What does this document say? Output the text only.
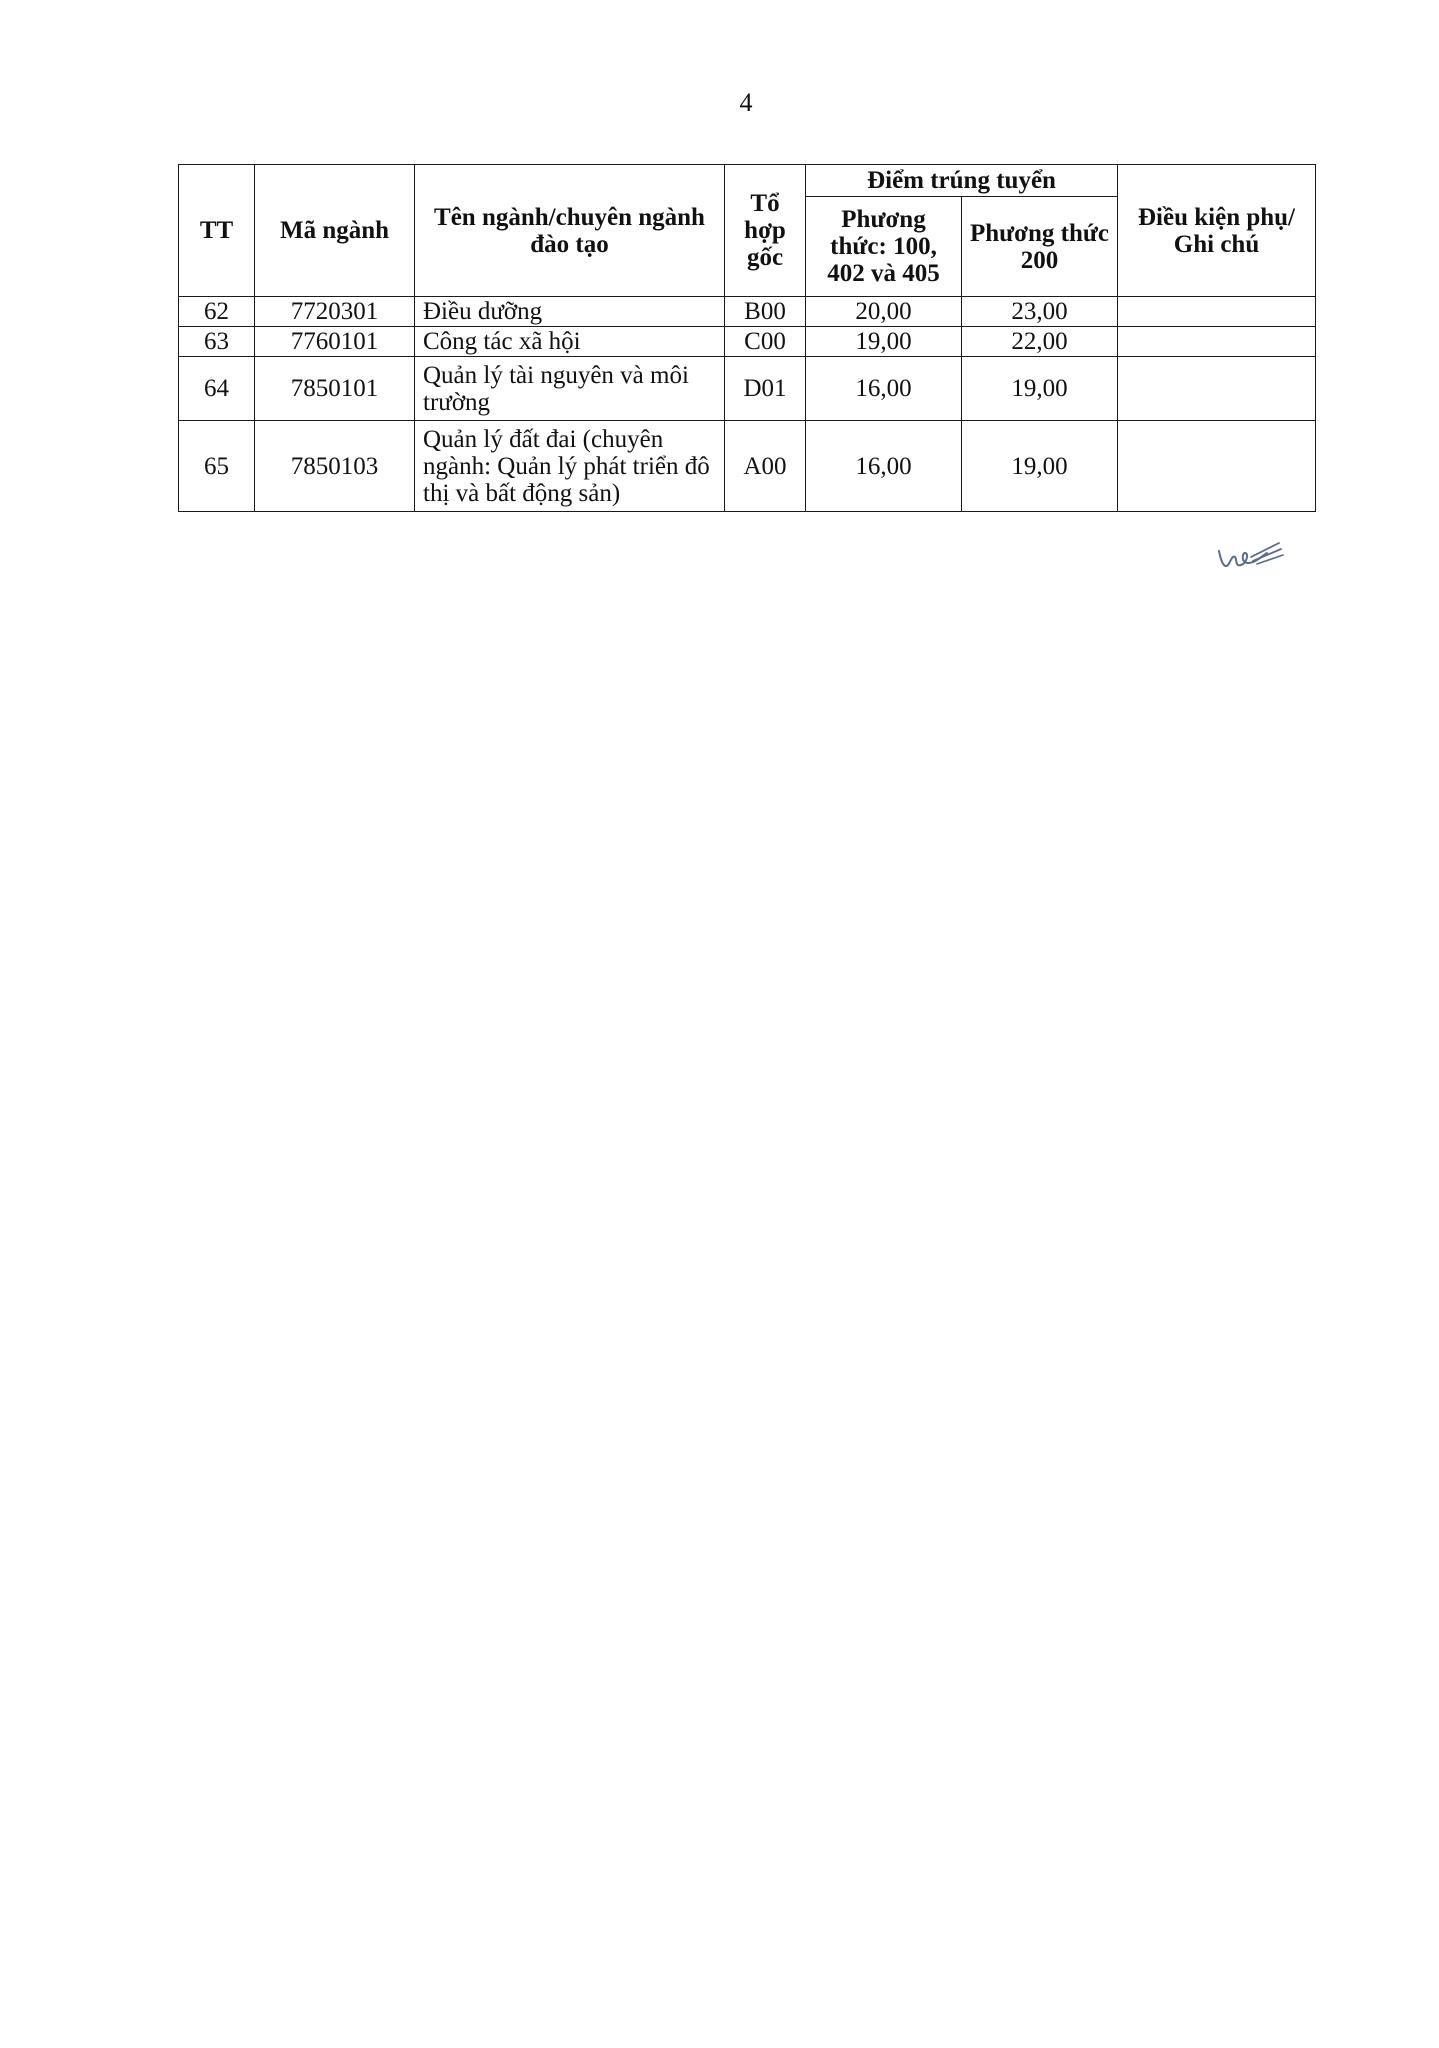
4
TT	Mã ngành	Tên ngành/chuyên ngành đào tạo	Tổ hợp gốc	Điểm trúng tuyển		Điều kiện phụ/ Ghi chú
				Phương thức: 100, 402 và 405	Phương thức 200	
62	7720301	Điều dưỡng	B00	20,00	23,00	
63	7760101	Công tác xã hội	C00	19,00	22,00	
64	7850101	Quản lý tài nguyên và môi trường	D01	16,00	19,00	
65	7850103	Quản lý đất đai (chuyên ngành: Quản lý phát triển đô thị và bất động sản)	A00	16,00	19,00	
